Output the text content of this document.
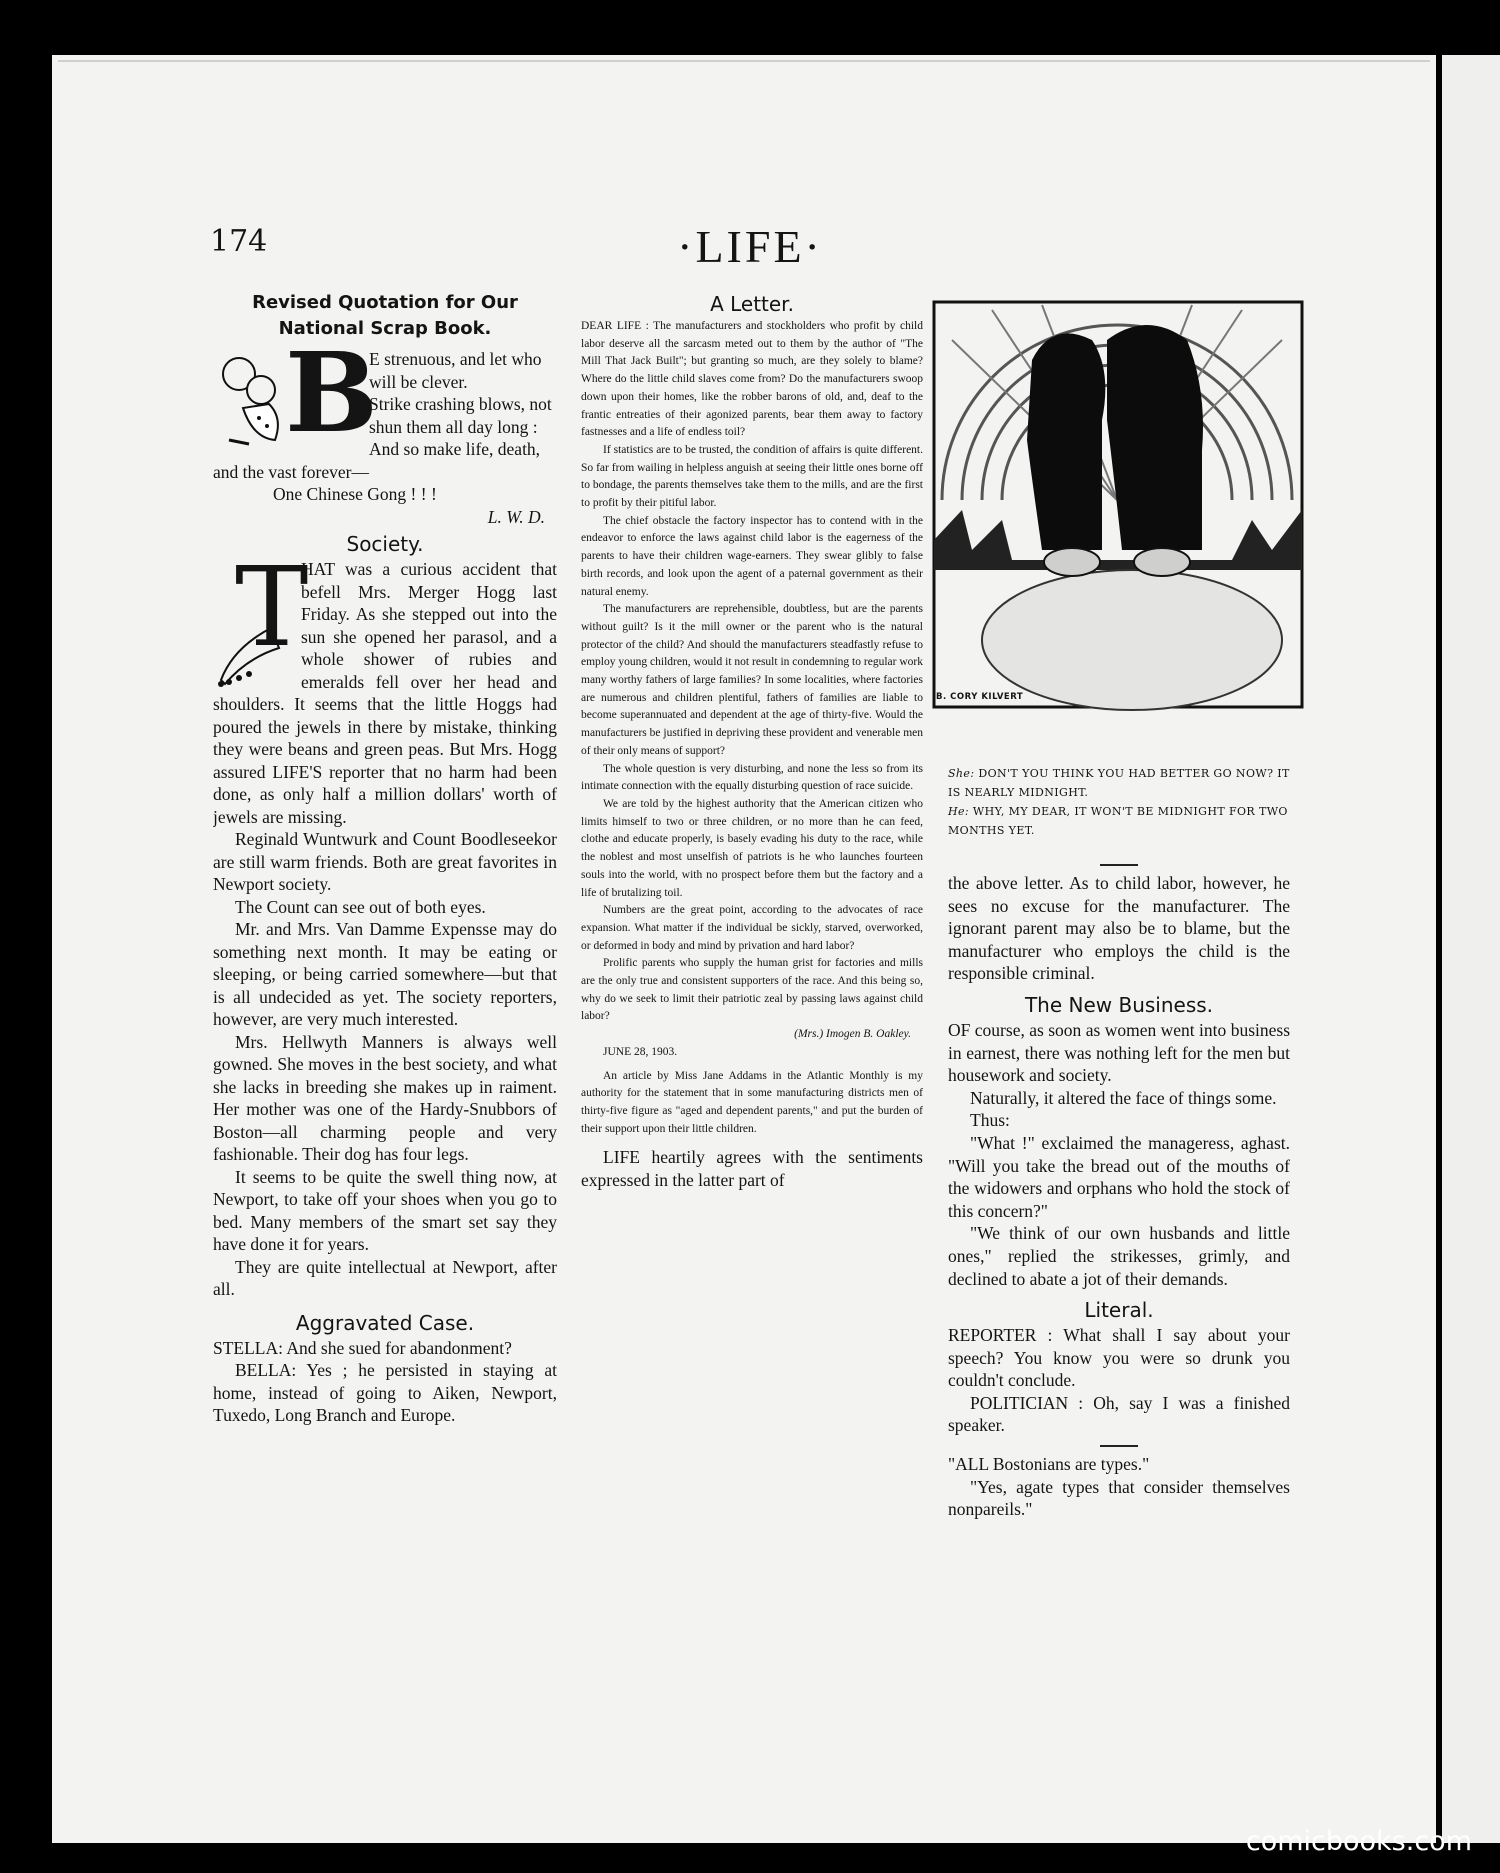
174	·LIFE·
Revised Quotation for Our National Scrap Book.
B
E strenuous, and let who will be clever.
Strike crashing blows, not shun them all day long :
And so make life, death, and the vast forever—
One Chinese Gong ! ! !
L. W. D.
Society.
T

HAT was a curious accident that befell Mrs. Merger Hogg last Friday. As she stepped out into the sun she opened her parasol, and a whole shower of rubies and emeralds fell over her head and shoulders. It seems that the little Hoggs had poured the jewels in there by mistake, thinking they were beans and green peas. But Mrs. Hogg assured LIFE'S reporter that no harm had been done, as only half a million dollars' worth of jewels are missing.

Reginald Wuntwurk and Count Boodleseekor are still warm friends. Both are great favorites in Newport society.

The Count can see out of both eyes.

Mr. and Mrs. Van Damme Expensse may do something next month. It may be eating or sleeping, or being carried somewhere—but that is all undecided as yet. The society reporters, however, are very much interested.

Mrs. Hellwyth Manners is always well gowned. She moves in the best society, and what she lacks in breeding she makes up in raiment. Her mother was one of the Hardy-Snubbors of Boston—all charming people and very fashionable. Their dog has four legs.

It seems to be quite the swell thing now, at Newport, to take off your shoes when you go to bed. Many members of the smart set say they have done it for years.

They are quite intellectual at Newport, after all.

Aggravated Case.

STELLA: And she sued for abandonment?

BELLA: Yes ; he persisted in staying at home, instead of going to Aiken, Newport, Tuxedo, Long Branch and Europe.

A Letter.

DEAR LIFE : The manufacturers and stockholders who profit by child labor deserve all the sarcasm meted out to them by the author of "The Mill That Jack Built"; but granting so much, are they solely to blame? Where do the little child slaves come from? Do the manufacturers swoop down upon their homes, like the robber barons of old, and, deaf to the frantic entreaties of their agonized parents, bear them away to factory fastnesses and a life of endless toil?

If statistics are to be trusted, the condition of affairs is quite different. So far from wailing in helpless anguish at seeing their little ones borne off to bondage, the parents themselves take them to the mills, and are the first to profit by their pitiful labor.

The chief obstacle the factory inspector has to contend with in the endeavor to enforce the laws against child labor is the eagerness of the parents to have their children wage-earners. They swear glibly to false birth records, and look upon the agent of a paternal government as their natural enemy.

The manufacturers are reprehensible, doubtless, but are the parents without guilt? Is it the mill owner or the parent who is the natural protector of the child? And should the manufacturers steadfastly refuse to employ young children, would it not result in condemning to regular work many worthy fathers of large families? In some localities, where factories are numerous and children plentiful, fathers of families are liable to become superannuated and dependent at the age of thirty-five. Would the manufacturers be justified in depriving these provident and venerable men of their only means of support?

The whole question is very disturbing, and none the less so from its intimate connection with the equally disturbing question of race suicide.

We are told by the highest authority that the American citizen who limits himself to two or three children, or no more than he can feed, clothe and educate properly, is basely evading his duty to the race, while the noblest and most unselfish of patriots is he who launches fourteen souls into the world, with no prospect before them but the factory and a life of brutalizing toil.

Numbers are the great point, according to the advocates of race expansion. What matter if the individual be sickly, starved, overworked, or deformed in body and mind by privation and hard labor?

Prolific parents who supply the human grist for factories and mills are the only true and consistent supporters of the race. And this being so, why do we seek to limit their patriotic zeal by passing laws against child labor?

(Mrs.) Imogen B. Oakley.

JUNE 28, 1903.

An article by Miss Jane Addams in the Atlantic Monthly is my authority for the statement that in some manufacturing districts men of thirty-five figure as "aged and dependent parents," and put the burden of their support upon their little children.

LIFE heartily agrees with the sentiments expressed in the latter part of

B. CORY KILVERT
She: DON'T YOU THINK YOU HAD BETTER GO NOW? IT IS NEARLY MIDNIGHT.
He: WHY, MY DEAR, IT WON'T BE MIDNIGHT FOR TWO MONTHS YET.

the above letter. As to child labor, however, he sees no excuse for the manufacturer. The ignorant parent may also be to blame, but the manufacturer who employs the child is the responsible criminal.

The New Business.

OF course, as soon as women went into business in earnest, there was nothing left for the men but housework and society.

Naturally, it altered the face of things some.

Thus:

"What !" exclaimed the manageress, aghast. "Will you take the bread out of the mouths of the widowers and orphans who hold the stock of this concern?"

"We think of our own husbands and little ones," replied the strikesses, grimly, and declined to abate a jot of their demands.

Literal.

REPORTER : What shall I say about your speech? You know you were so drunk you couldn't conclude.

POLITICIAN : Oh, say I was a finished speaker.

"ALL Bostonians are types."

"Yes, agate types that consider themselves nonpareils."

comicbooks.com
